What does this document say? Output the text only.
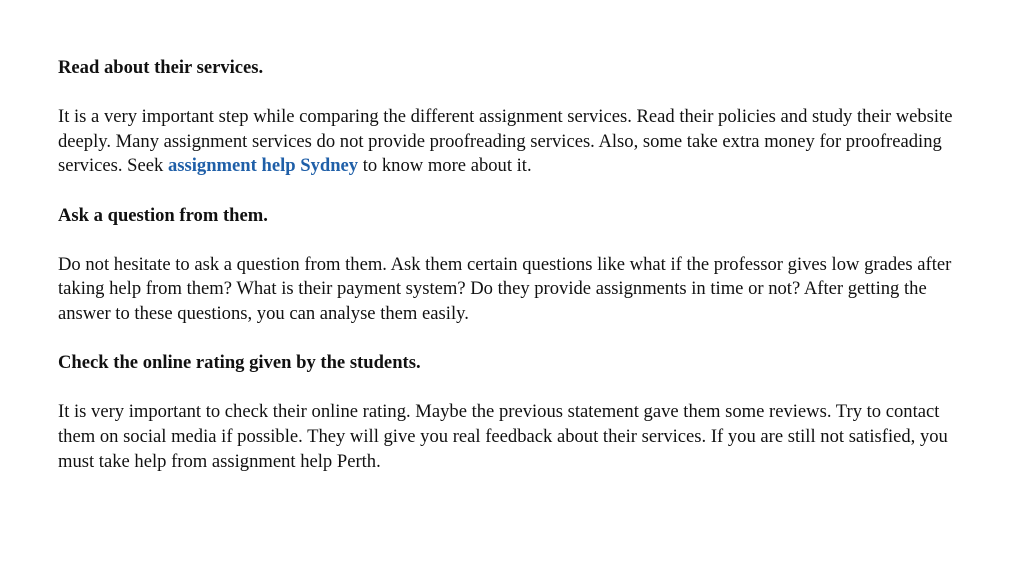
Read about their services.

It is a very important step while comparing the different assignment services. Read their policies and study their website deeply. Many assignment services do not provide proofreading services. Also, some take extra money for proofreading services. Seek assignment help Sydney to know more about it.

Ask a question from them.

Do not hesitate to ask a question from them. Ask them certain questions like what if the professor gives low grades after taking help from them? What is their payment system? Do they provide assignments in time or not? After getting the answer to these questions, you can analyse them easily.

Check the online rating given by the students.

It is very important to check their online rating. Maybe the previous statement gave them some reviews. Try to contact them on social media if possible. They will give you real feedback about their services. If you are still not satisfied, you must take help from assignment help Perth.
